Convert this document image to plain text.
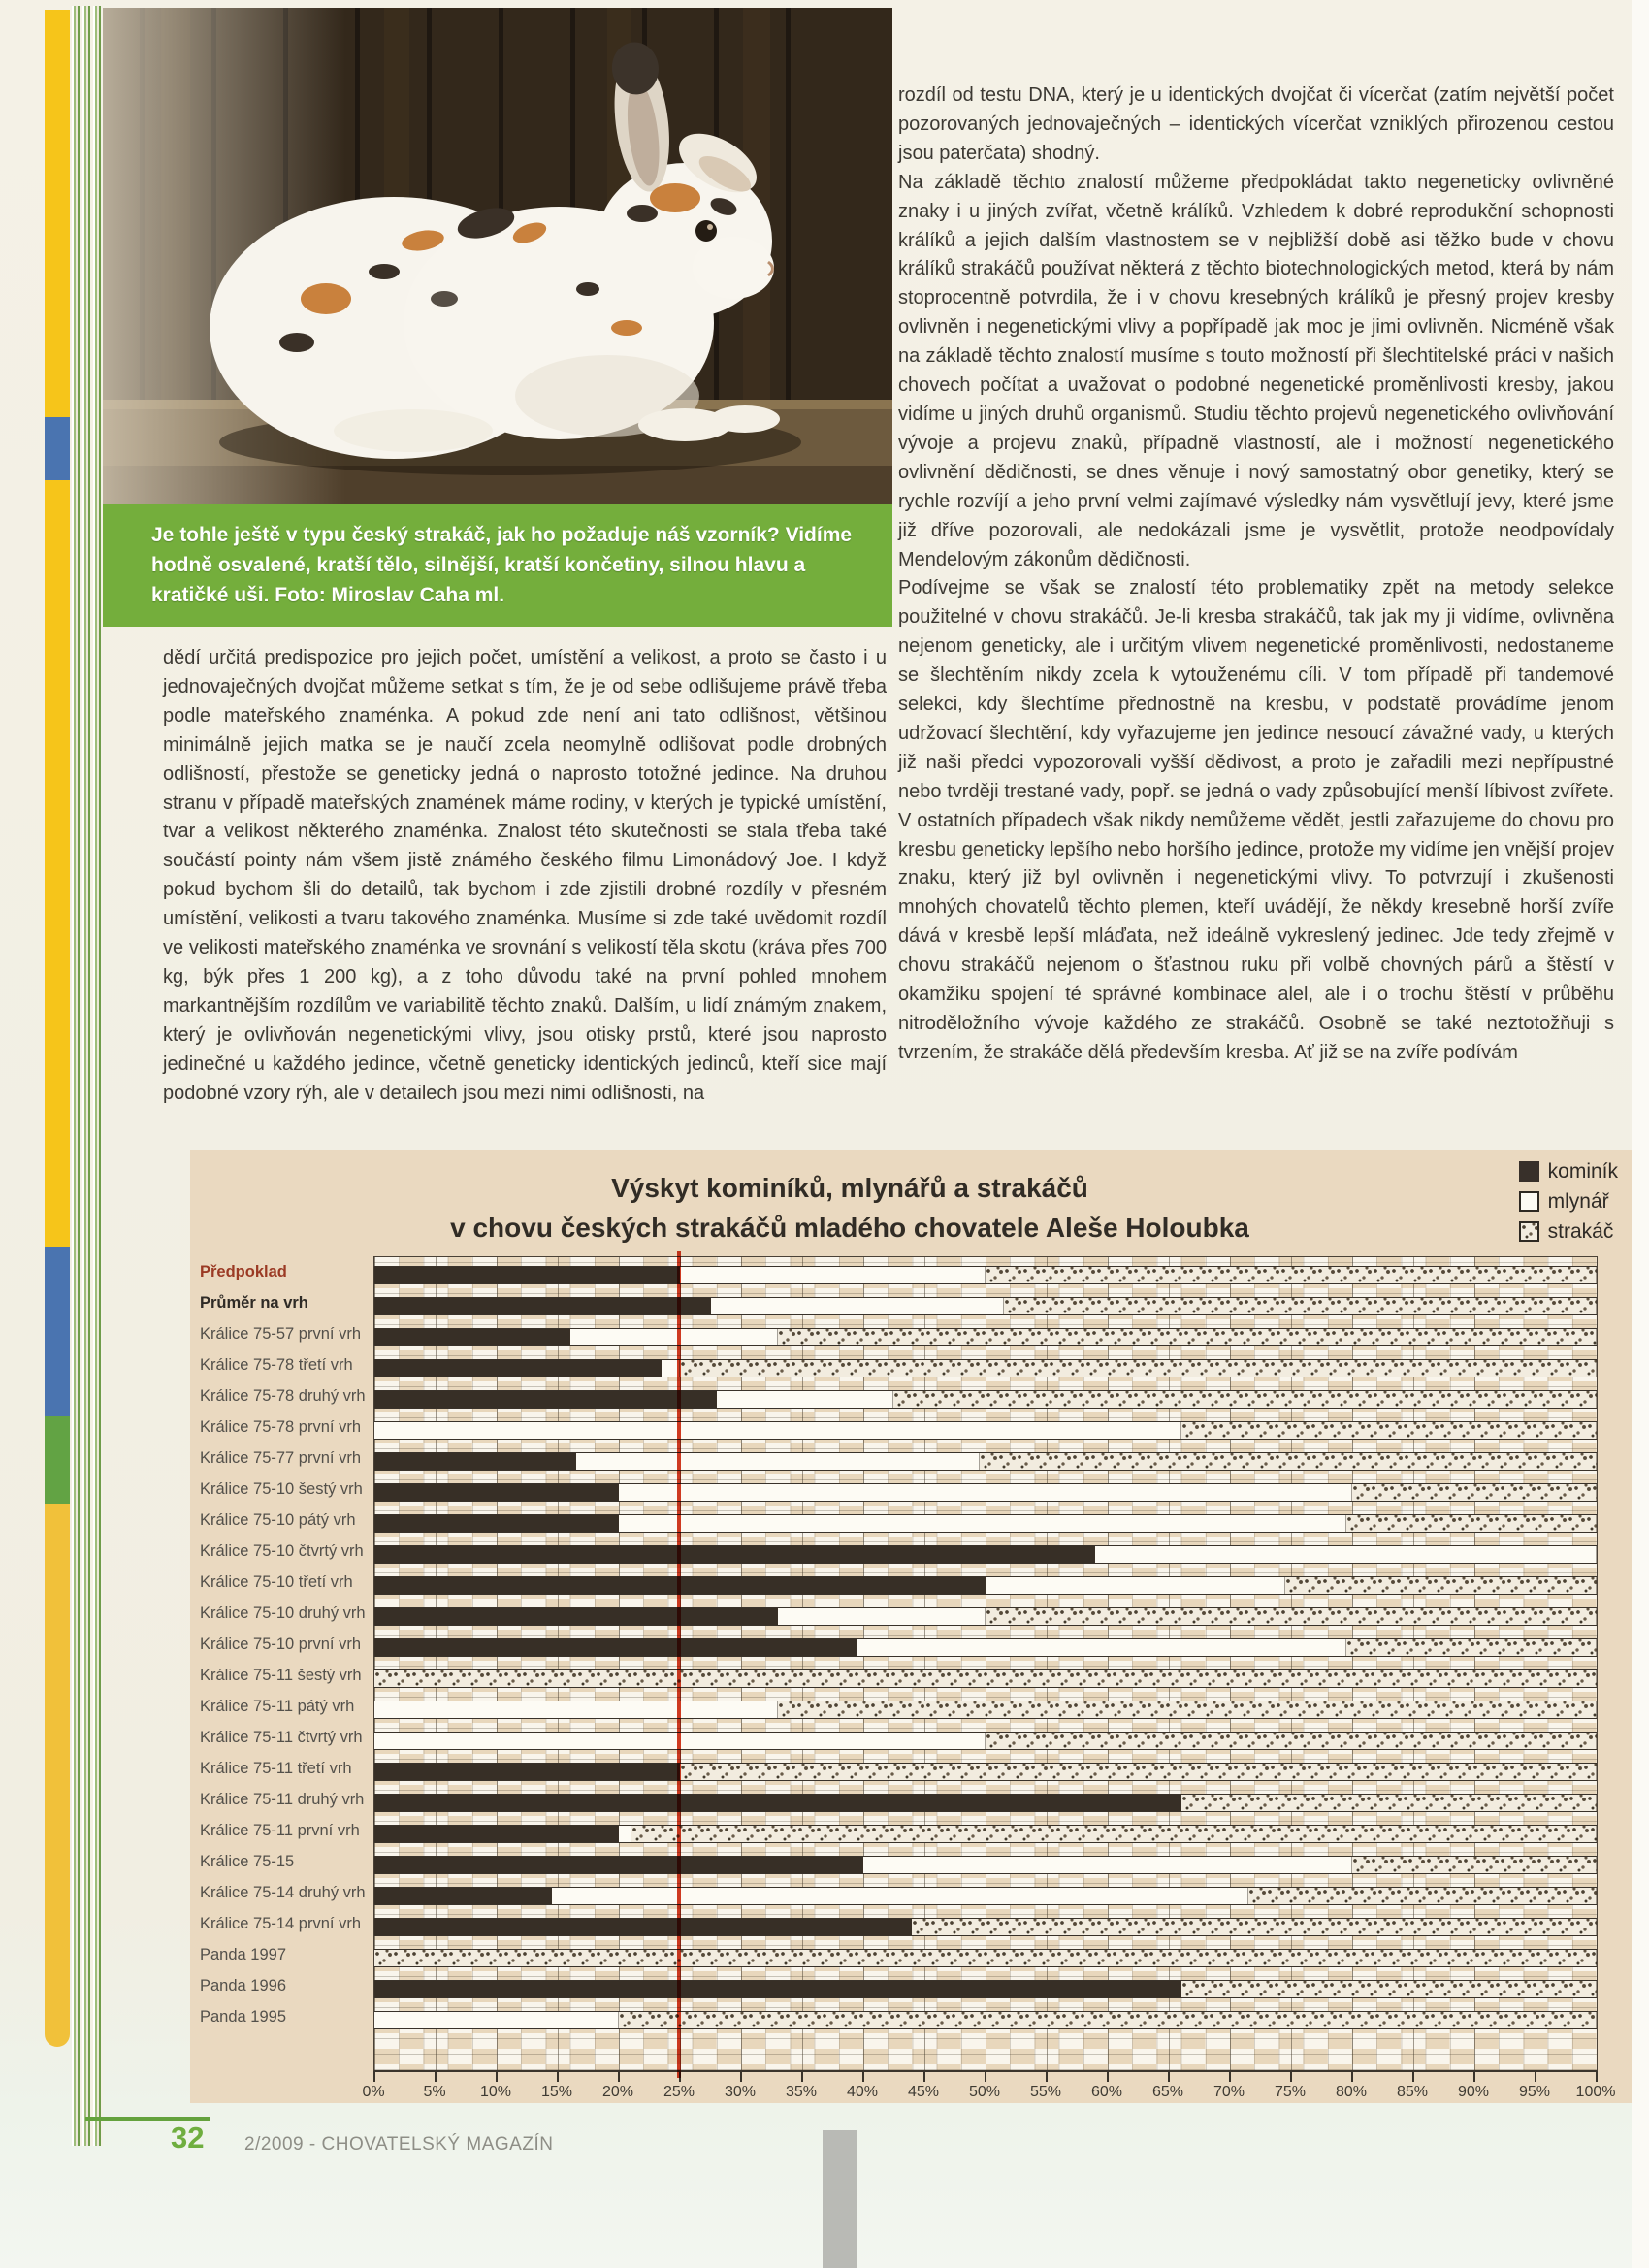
Je tohle ještě v typu český strakáč, jak ho požaduje náš vzorník? Vidíme hodně osvalené, kratší tělo, silnější, kratší končetiny, silnou hlavu a kratičké uši. Foto: Miroslav Caha ml.

dědí určitá predispozice pro jejich počet, umístění a velikost, a proto se často i u jednovaječných dvojčat můžeme setkat s tím, že je od sebe odlišujeme právě třeba podle mateřského znaménka. A pokud zde není ani tato odlišnost, většinou minimálně jejich matka se je naučí zcela neomylně odlišovat podle drobných odlišností, přestože se geneticky jedná o naprosto totožné jedince. Na druhou stranu v případě mateřských znamének máme rodiny, v kterých je typické umístění, tvar a velikost některého znaménka. Znalost této skutečnosti se stala třeba také součástí pointy nám všem jistě známého českého filmu Limonádový Joe. I když pokud bychom šli do detailů, tak bychom i zde zjistili drobné rozdíly v přesném umístění, velikosti a tvaru takového znaménka. Musíme si zde také uvědomit rozdíl ve velikosti mateřského znaménka ve srovnání s velikostí těla skotu (kráva přes 700 kg, býk přes 1 200 kg), a z toho důvodu také na první pohled mnohem markantnějším rozdílům ve variabilitě těchto znaků. Dalším, u lidí známým znakem, který je ovlivňován negenetickými vlivy, jsou otisky prstů, které jsou naprosto jedinečné u každého jedince, včetně geneticky identických jedinců, kteří sice mají podobné vzory rýh, ale v detailech jsou mezi nimi odlišnosti, na

rozdíl od testu DNA, který je u identických dvojčat či vícerčat (zatím největší počet pozorovaných jednovaječných – identických vícerčat vzniklých přirozenou cestou jsou paterčata) shodný.

Na základě těchto znalostí můžeme předpokládat takto negeneticky ovlivněné znaky i u jiných zvířat, včetně králíků. Vzhledem k dobré reprodukční schopnosti králíků a jejich dalším vlastnostem se v nejbližší době asi těžko bude v chovu králíků strakáčů používat některá z těchto biotechnologických metod, která by nám stoprocentně potvrdila, že i v chovu kresebných králíků je přesný projev kresby ovlivněn i negenetickými vlivy a popřípadě jak moc je jimi ovlivněn. Nicméně však na základě těchto znalostí musíme s touto možností při šlechtitelské práci v našich chovech počítat a uvažovat o podobné negenetické proměnlivosti kresby, jakou vidíme u jiných druhů organismů. Studiu těchto projevů negenetického ovlivňování vývoje a projevu znaků, případně vlastností, ale i možností negenetického ovlivnění dědičnosti, se dnes věnuje i nový samostatný obor genetiky, který se rychle rozvíjí a jeho první velmi zajímavé výsledky nám vysvětlují jevy, které jsme již dříve pozorovali, ale nedokázali jsme je vysvětlit, protože neodpovídaly Mendelovým zákonům dědičnosti.

Podívejme se však se znalostí této problematiky zpět na metody selekce použitelné v chovu strakáčů. Je-li kresba strakáčů, tak jak my ji vidíme, ovlivněna nejenom geneticky, ale i určitým vlivem negenetické proměnlivosti, nedostaneme se šlechtěním nikdy zcela k vytouženému cíli. V tom případě při tandemové selekci, kdy šlechtíme přednostně na kresbu, v podstatě provádíme jenom udržovací šlechtění, kdy vyřazujeme jen jedince nesoucí závažné vady, u kterých již naši předci vypozorovali vyšší dědivost, a proto je zařadili mezi nepřípustné nebo tvrději trestané vady, popř. se jedná o vady způsobující menší líbivost zvířete. V ostatních případech však nikdy nemůžeme vědět, jestli zařazujeme do chovu pro kresbu geneticky lepšího nebo horšího jedince, protože my vidíme jen vnější projev znaku, který již byl ovlivněn i negenetickými vlivy. To potvrzují i zkušenosti mnohých chovatelů těchto plemen, kteří uvádějí, že někdy kresebně horší zvíře dává v kresbě lepší mláďata, než ideálně vykreslený jedinec. Jde tedy zřejmě v chovu strakáčů nejenom o šťastnou ruku při volbě chovných párů a štěstí v okamžiku spojení té správné kombinace alel, ale i o trochu štěstí v průběhu nitroděložního vývoje každého ze strakáčů. Osobně se také neztotožňuji s tvrzením, že strakáče dělá především kresba. Ať již se na zvíře podívám

Výskyt kominíků, mlynářů a strakáčů
v chovu českých strakáčů mladého chovatele Aleše Holoubka
kominík
mlynář
strakáč
Předpoklad
Průměr na vrh
Králice 75-57 první vrh
Králice 75-78 třetí vrh
Králice 75-78 druhý vrh
Králice 75-78 první vrh
Králice 75-77 první vrh
Králice 75-10 šestý vrh
Králice 75-10 pátý vrh
Králice 75-10 čtvrtý vrh
Králice 75-10 třetí vrh
Králice 75-10 druhý vrh
Králice 75-10 první vrh
Králice 75-11 šestý vrh
Králice 75-11 pátý vrh
Králice 75-11 čtvrtý vrh
Králice 75-11 třetí vrh
Králice 75-11 druhý vrh
Králice 75-11 první vrh
Králice 75-15
Králice 75-14 druhý vrh
Králice 75-14 první vrh
Panda 1997
Panda 1996
Panda 1995
0% 5% 10% 15% 20% 25% 30% 35% 40% 45% 50% 55% 60% 65% 70% 75% 80% 85% 90% 95% 100%
32 2/2009 - CHOVATELSKÝ MAGAZÍN
